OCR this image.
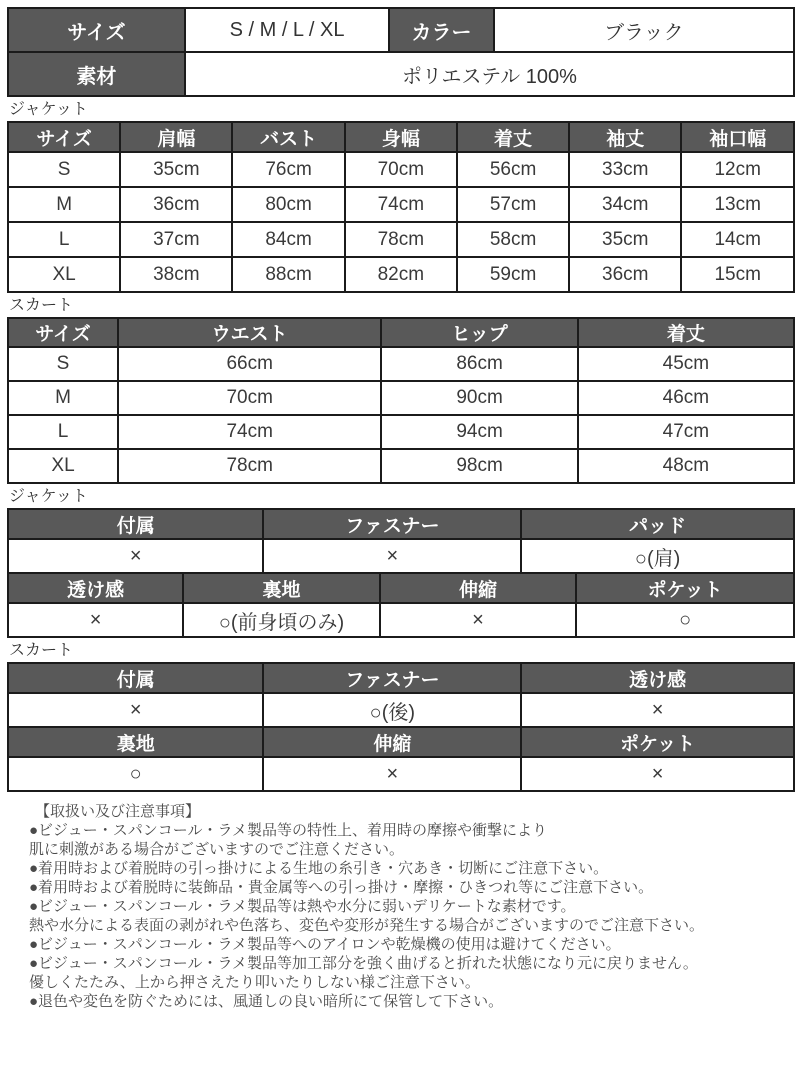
サイズ	S / M / L / XL	カラー	ブラック
素材	ポリエステル 100%		
ジャケット
サイズ	肩幅	バスト	身幅	着丈	袖丈	袖口幅
S	35cm	76cm	70cm	56cm	33cm	12cm
M	36cm	80cm	74cm	57cm	34cm	13cm
L	37cm	84cm	78cm	58cm	35cm	14cm
XL	38cm	88cm	82cm	59cm	36cm	15cm
スカート
サイズ	ウエスト	ヒップ	着丈
S	66cm	86cm	45cm
M	70cm	90cm	46cm
L	74cm	94cm	47cm
XL	78cm	98cm	48cm
ジャケット
付属	ファスナー	パッド
×	×	○(肩)
透け感	裏地	伸縮	ポケット
×	○(前身頃のみ)	×	○
スカート
付属	ファスナー	透け感
×	○(後)	×
裏地	伸縮	ポケット
○	×	×
【取扱い及び注意事項】
●ビジュー・スパンコール・ラメ製品等の特性上、着用時の摩擦や衝撃により
肌に刺激がある場合がございますのでご注意ください。
●着用時および着脱時の引っ掛けによる生地の糸引き・穴あき・切断にご注意下さい。
●着用時および着脱時に装飾品・貴金属等への引っ掛け・摩擦・ひきつれ等にご注意下さい。
●ビジュー・スパンコール・ラメ製品等は熱や水分に弱いデリケートな素材です。
熱や水分による表面の剥がれや色落ち、変色や変形が発生する場合がございますのでご注意下さい。
●ビジュー・スパンコール・ラメ製品等へのアイロンや乾燥機の使用は避けてください。
●ビジュー・スパンコール・ラメ製品等加工部分を強く曲げると折れた状態になり元に戻りません。
優しくたたみ、上から押さえたり叩いたりしない様ご注意下さい。
●退色や変色を防ぐためには、風通しの良い暗所にて保管して下さい。
